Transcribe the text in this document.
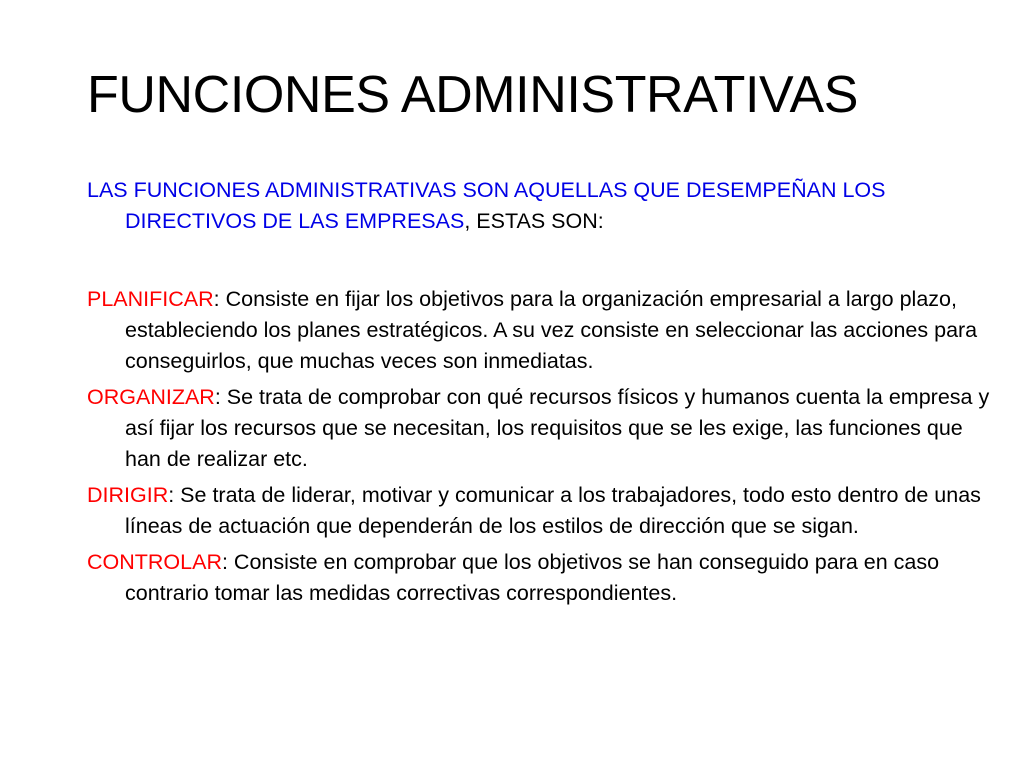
FUNCIONES ADMINISTRATIVAS

LAS FUNCIONES ADMINISTRATIVAS SON AQUELLAS QUE DESEMPEÑAN LOS DIRECTIVOS DE LAS EMPRESAS, ESTAS SON:

PLANIFICAR: Consiste en fijar los objetivos para la organización empresarial a largo plazo, estableciendo los planes estratégicos. A su vez consiste en seleccionar las acciones para conseguirlos, que muchas veces son inmediatas.

ORGANIZAR: Se trata de comprobar con qué recursos físicos y humanos cuenta la empresa y así fijar los recursos que se necesitan, los requisitos que se les exige, las funciones que han de realizar etc.

DIRIGIR: Se trata de liderar, motivar y comunicar a los trabajadores, todo esto dentro de unas líneas de actuación que dependerán de los estilos de dirección que se sigan.

CONTROLAR: Consiste en comprobar que los objetivos se han conseguido para en caso contrario tomar las medidas correctivas correspondientes.
